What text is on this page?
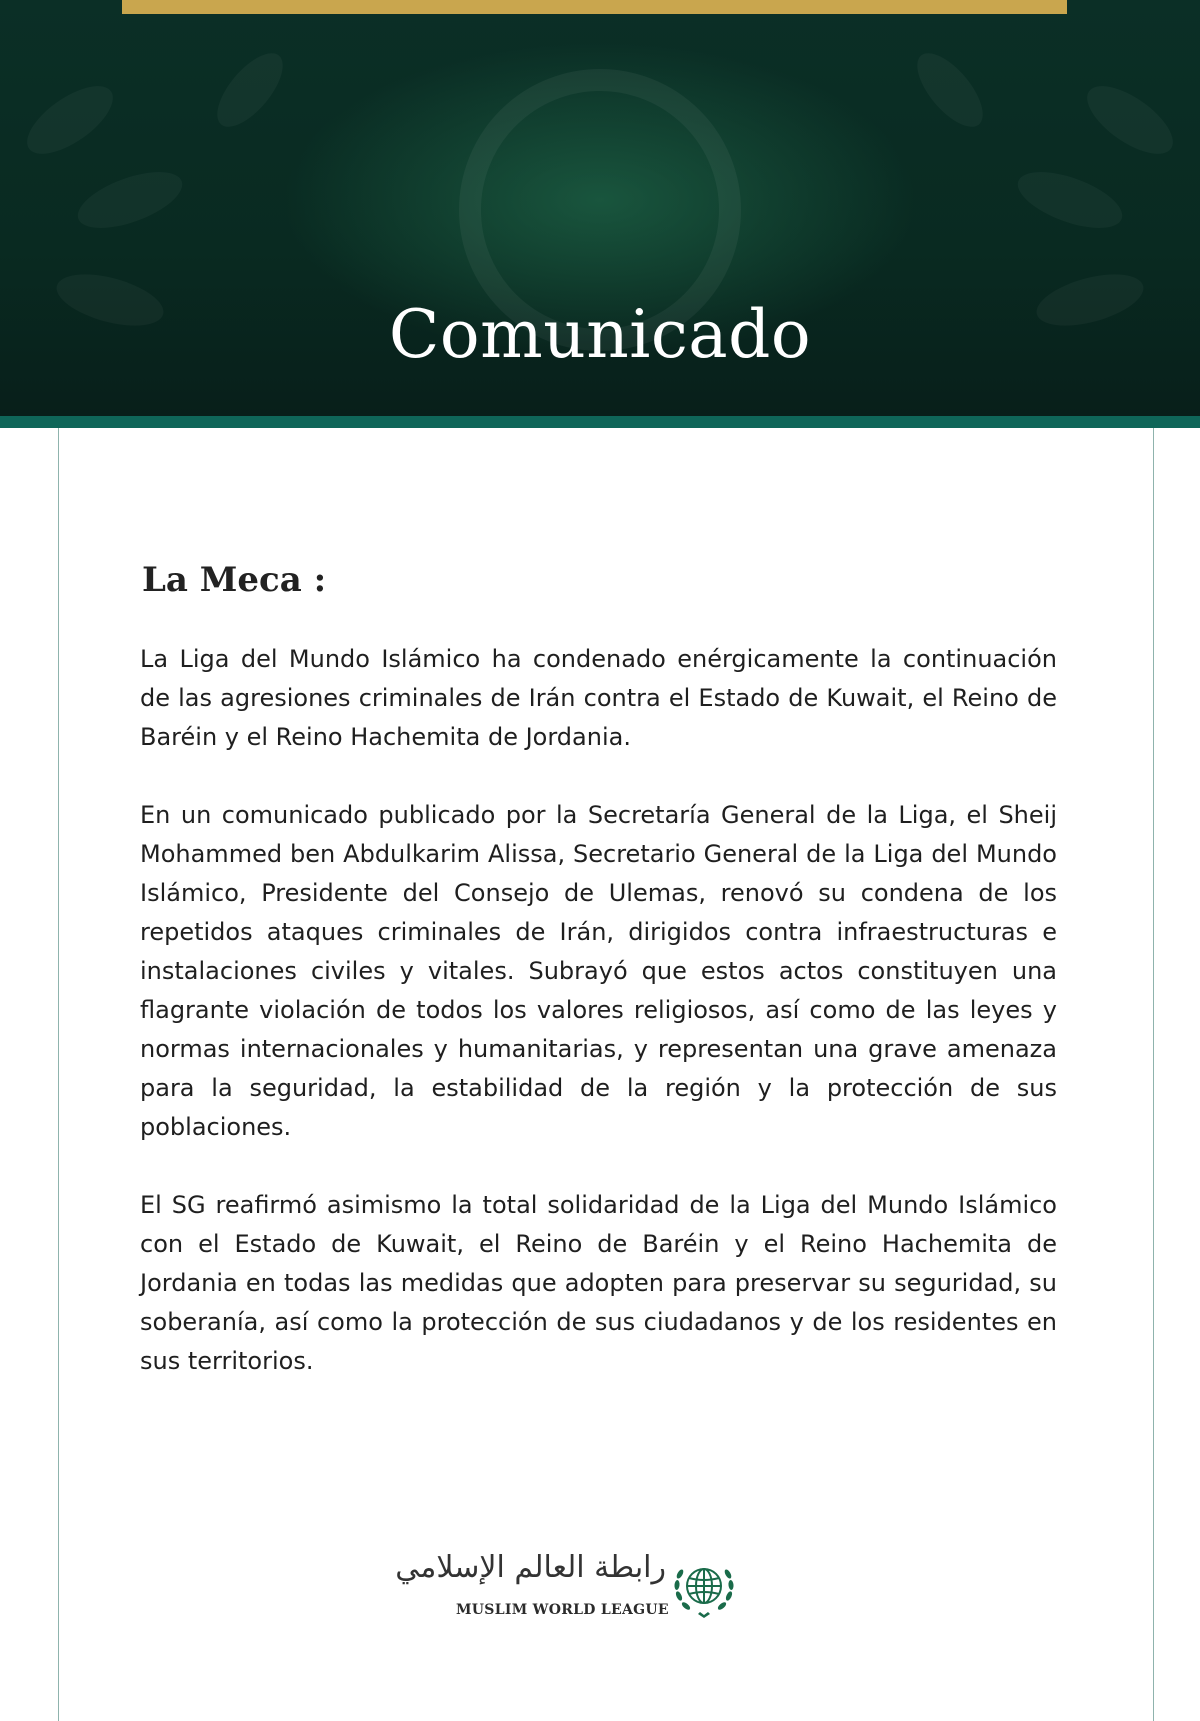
Comunicado
La Meca :

La Liga del Mundo Islámico ha condenado enérgicamente la continuación de las agresiones criminales de Irán contra el Estado de Kuwait, el Reino de Baréin y el Reino Hachemita de Jordania.

En un comunicado publicado por la Secretaría General de la Liga, el Sheij Mohammed ben Abdulkarim Alissa, Secretario General de la Liga del Mundo Islámico, Presidente del Consejo de Ulemas, renovó su condena de los repetidos ataques criminales de Irán, dirigidos contra infraestructuras e instalaciones civiles y vitales. Subrayó que estos actos constituyen una flagrante violación de todos los valores religiosos, así como de las leyes y normas internacionales y humanitarias, y representan una grave amenaza para la seguridad, la estabilidad de la región y la protección de sus poblaciones.

El SG reafirmó asimismo la total solidaridad de la Liga del Mundo Islámico con el Estado de Kuwait, el Reino de Baréin y el Reino Hachemita de Jordania en todas las medidas que adopten para preservar su seguridad, su soberanía, así como la protección de sus ciudadanos y de los residentes en sus territorios.

رابطة العالم الإسلامي
MUSLIM WORLD LEAGUE
